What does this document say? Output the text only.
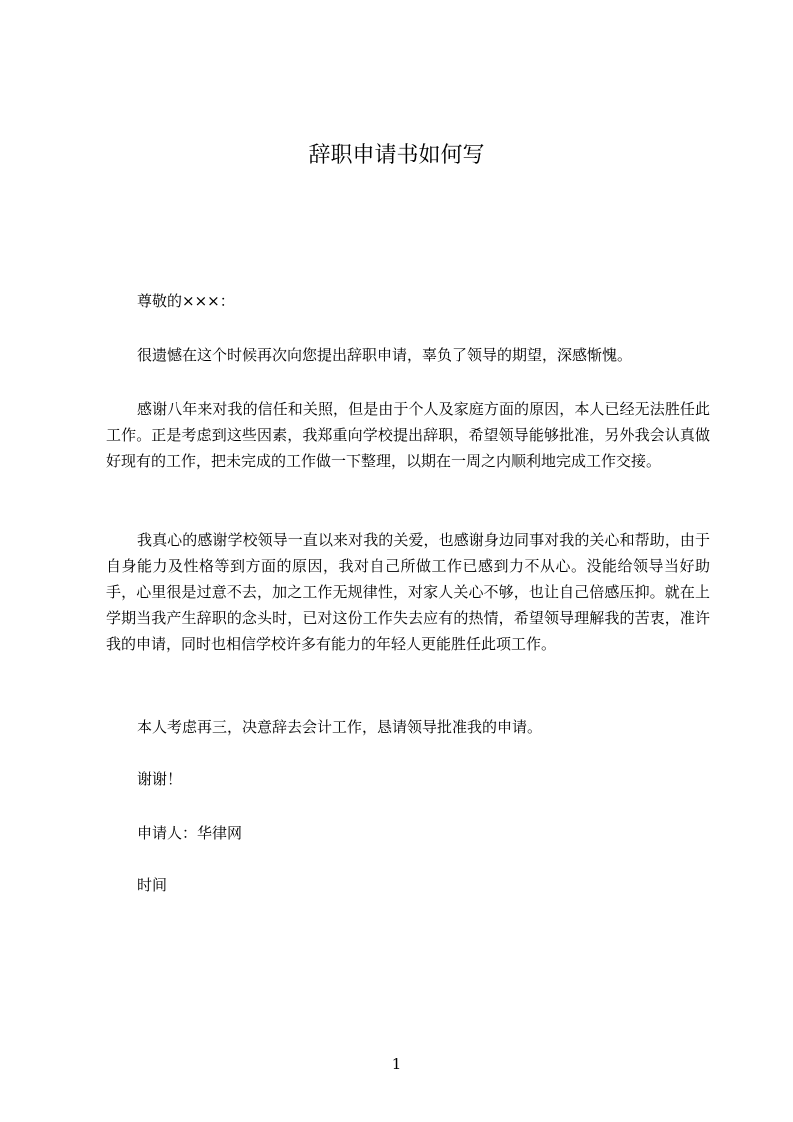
辞职申请书如何写

尊敬的×××：

很遗憾在这个时候再次向您提出辞职申请，辜负了领导的期望，深感惭愧。

感谢八年来对我的信任和关照，但是由于个人及家庭方面的原因，本人已经无法胜任此工作。正是考虑到这些因素，我郑重向学校提出辞职，希望领导能够批准，另外我会认真做好现有的工作，把未完成的工作做一下整理，以期在一周之内顺利地完成工作交接。

我真心的感谢学校领导一直以来对我的关爱，也感谢身边同事对我的关心和帮助，由于自身能力及性格等到方面的原因，我对自己所做工作已感到力不从心。没能给领导当好助手，心里很是过意不去，加之工作无规律性，对家人关心不够，也让自己倍感压抑。就在上学期当我产生辞职的念头时，已对这份工作失去应有的热情，希望领导理解我的苦衷，准许我的申请，同时也相信学校许多有能力的年轻人更能胜任此项工作。

本人考虑再三，决意辞去会计工作，恳请领导批准我的申请。

谢谢！

申请人：华律网

时间

1
